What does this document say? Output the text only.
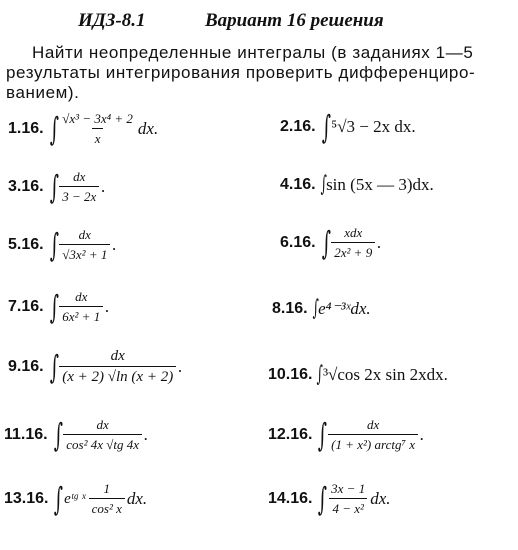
ИДЗ-8.1	Вариант 16 решения
Найти неопределенные интегралы (в заданиях 1—5
результаты интегрирования проверить дифференциро-
ванием).
1.16. ∫ $\frac{\text{√x³ − 3x⁴ + 2}}{x}$ dx.	2.16. ∫ ⁵√3 − 2x dx.
3.16. ∫ $\frac{dx}{3 - 2x}$ .	4.16. ∫ sin (5x — 3)dx.
5.16. ∫ $\frac{dx}{\text{√3x² + 1}}$ .	6.16. ∫ $\frac{\text{xdx}}{\text{2x² + 9}}$ .
7.16. ∫ $\frac{dx}{\text{6x² + 1}}$ .	8.16. ∫ e⁴⁻³ˣdx.
9.16. ∫ $\frac{dx}{(x + 2) √\ln (x + 2)}$ .	10.16. ∫ ³√cos 2x sin 2xdx.
11.16. ∫ $\frac{dx}{\text{cos² 4x √tg 4x}}$ .	12.16. ∫ $\frac{dx}{\text{(1 + x²) arctg⁷ x}}$ .
13.16. ∫ eᵗᵍ ˣ $\frac{1}{\text{cos² x}}$ dx.	14.16. ∫ $\frac{3x - 1}{\text{4 − x²}}$ dx.
